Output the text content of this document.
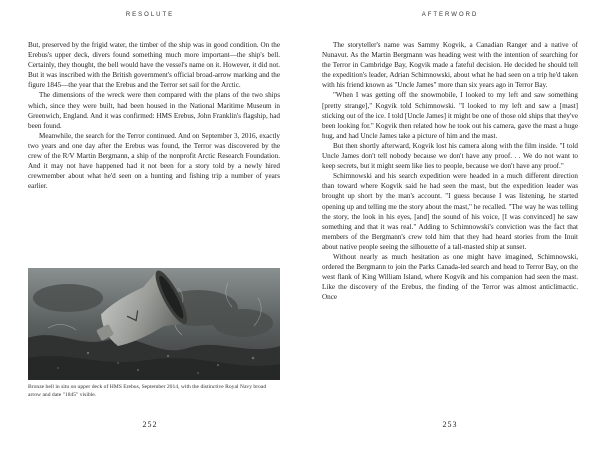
RESOLUTE

But, preserved by the frigid water, the timber of the ship was in good condition. On the Erebus's upper deck, divers found something much more important—the ship's bell. Certainly, they thought, the bell would have the vessel's name on it. However, it did not. But it was inscribed with the British government's official broad-arrow marking and the figure 1845—the year that the Erebus and the Terror set sail for the Arctic.

The dimensions of the wreck were then compared with the plans of the two ships which, since they were built, had been housed in the National Maritime Museum in Greenwich, England. And it was confirmed: HMS Erebus, John Franklin's flagship, had been found.

Meanwhile, the search for the Terror continued. And on September 3, 2016, exactly two years and one day after the Erebus was found, the Terror was discovered by the crew of the R/V Martin Bergmann, a ship of the nonprofit Arctic Research Foundation. And it may not have happened had it not been for a story told by a newly hired crewmember about what he'd seen on a hunting and fishing trip a number of years earlier.

Bronze bell in situ on upper deck of HMS Erebus, September 2014, with the distinctive Royal Navy broad arrow and date "1845" visible.
252
AFTERWORD

The storyteller's name was Sammy Kogvik, a Canadian Ranger and a native of Nunavut. As the Martin Bergmann was heading west with the intention of searching for the Terror in Cambridge Bay, Kogvik made a fateful decision. He decided he should tell the expedition's leader, Adrian Schimnowski, about what he had seen on a trip he'd taken with his friend known as "Uncle James" more than six years ago in Terror Bay.

"When I was getting off the snowmobile, I looked to my left and saw something [pretty strange]," Kogvik told Schimnowski. "I looked to my left and saw a [mast] sticking out of the ice. I told [Uncle James] it might be one of those old ships that they've been looking for." Kogvik then related how he took out his camera, gave the mast a huge hug, and had Uncle James take a picture of him and the mast.

But then shortly afterward, Kogvik lost his camera along with the film inside. "I told Uncle James don't tell nobody because we don't have any proof. . . We do not want to keep secrets, but it might seem like lies to people, because we don't have any proof."

Schimnowski and his search expedition were headed in a much different direction than toward where Kogvik said he had seen the mast, but the expedition leader was brought up short by the man's account. "I guess because I was listening, he started opening up and telling me the story about the mast," he recalled. "The way he was telling the story, the look in his eyes, [and] the sound of his voice, [I was convinced] he saw something and that it was real." Adding to Schimnowski's conviction was the fact that members of the Bergmann's crew told him that they had heard stories from the Inuit about native people seeing the silhouette of a tall-masted ship at sunset.

Without nearly as much hesitation as one might have imagined, Schimnowski, ordered the Bergmann to join the Parks Canada-led search and head to Terror Bay, on the west flank of King William Island, where Kogvik and his companion had seen the mast. Like the discovery of the Erebus, the finding of the Terror was almost anticlimactic. Once

253
